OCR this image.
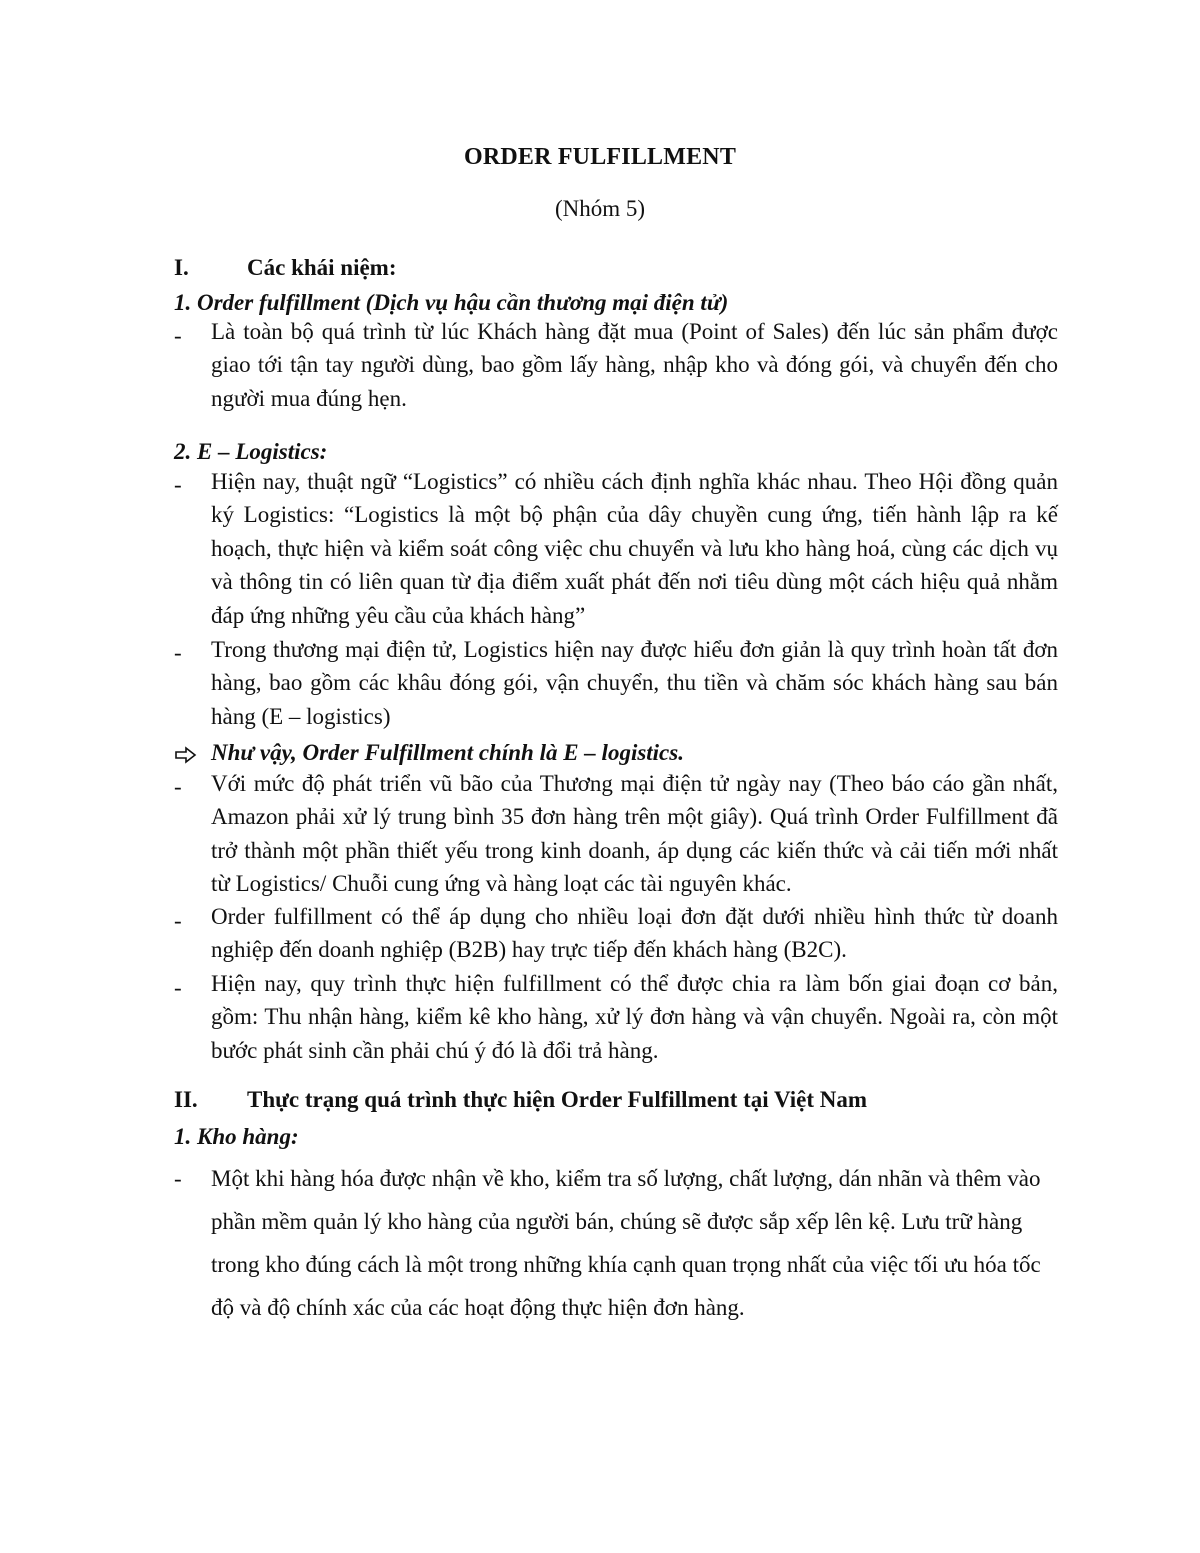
ORDER FULFILLMENT
(Nhóm 5)
I.	Các khái niệm:
1. Order fulfillment (Dịch vụ hậu cần thương mại điện tử)
-	Là toàn bộ quá trình từ lúc Khách hàng đặt mua (Point of Sales) đến lúc sản phẩm được giao tới tận tay người dùng, bao gồm lấy hàng, nhập kho và đóng gói, và chuyển đến cho người mua đúng hẹn.
2. E – Logistics:
-	Hiện nay, thuật ngữ “Logistics” có nhiều cách định nghĩa khác nhau. Theo Hội đồng quản ký Logistics: “Logistics là một bộ phận của dây chuyền cung ứng, tiến hành lập ra kế hoạch, thực hiện và kiểm soát công việc chu chuyển và lưu kho hàng hoá, cùng các dịch vụ và thông tin có liên quan từ địa điểm xuất phát đến nơi tiêu dùng một cách hiệu quả nhằm đáp ứng những yêu cầu của khách hàng”
-	Trong thương mại điện tử, Logistics hiện nay được hiểu đơn giản là quy trình hoàn tất đơn hàng, bao gồm các khâu đóng gói, vận chuyển, thu tiền và chăm sóc khách hàng sau bán hàng (E – logistics)
Như vậy, Order Fulfillment chính là E – logistics.
-	Với mức độ phát triển vũ bão của Thương mại điện tử ngày nay (Theo báo cáo gần nhất, Amazon phải xử lý trung bình 35 đơn hàng trên một giây). Quá trình Order Fulfillment đã trở thành một phần thiết yếu trong kinh doanh, áp dụng các kiến thức và cải tiến mới nhất từ Logistics/ Chuỗi cung ứng và hàng loạt các tài nguyên khác.
-	Order fulfillment có thể áp dụng cho nhiều loại đơn đặt dưới nhiều hình thức từ doanh nghiệp đến doanh nghiệp (B2B) hay trực tiếp đến khách hàng (B2C).
-	Hiện nay, quy trình thực hiện fulfillment có thể được chia ra làm bốn giai đoạn cơ bản, gồm: Thu nhận hàng, kiểm kê kho hàng, xử lý đơn hàng và vận chuyển. Ngoài ra, còn một bước phát sinh cần phải chú ý đó là đổi trả hàng.
II. Thực trạng quá trình thực hiện Order Fulfillment tại Việt Nam
1. Kho hàng:
-	Một khi hàng hóa được nhận về kho, kiểm tra số lượng, chất lượng, dán nhãn và thêm vào phần mềm quản lý kho hàng của người bán, chúng sẽ được sắp xếp lên kệ. Lưu trữ hàng trong kho đúng cách là một trong những khía cạnh quan trọng nhất của việc tối ưu hóa tốc độ và độ chính xác của các hoạt động thực hiện đơn hàng.
